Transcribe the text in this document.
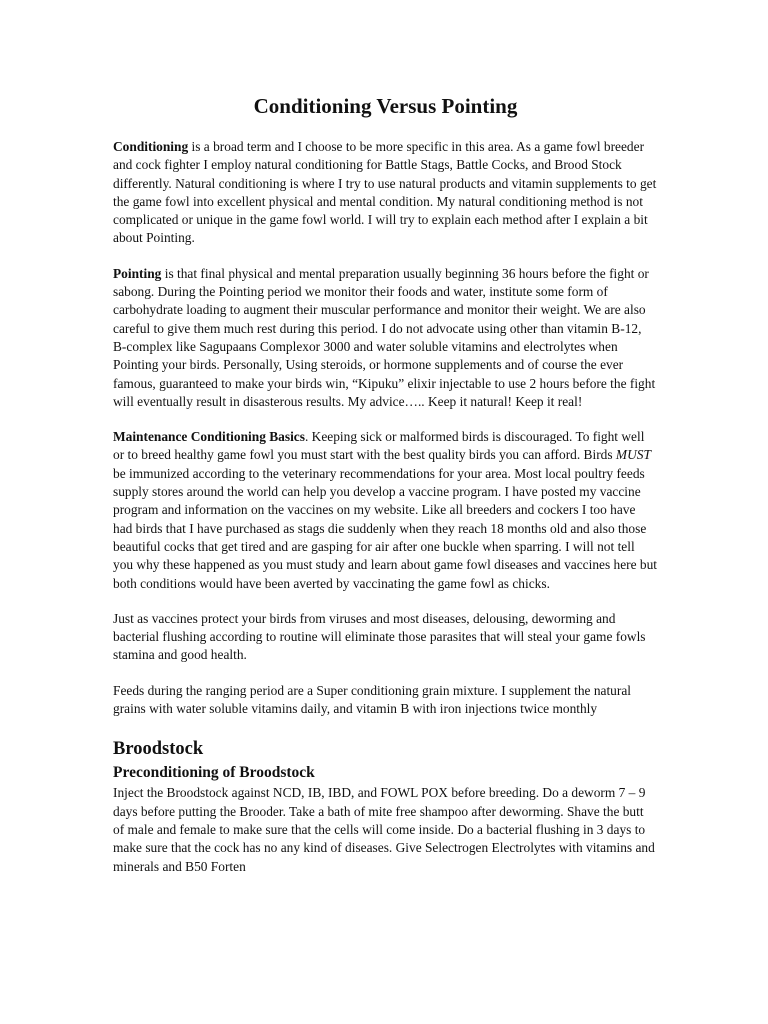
Conditioning Versus Pointing

Conditioning is a broad term and I choose to be more specific in this area. As a game fowl breeder and cock fighter I employ natural conditioning for Battle Stags, Battle Cocks, and Brood Stock differently. Natural conditioning is where I try to use natural products and vitamin supplements to get the game fowl into excellent physical and mental condition. My natural conditioning method is not complicated or unique in the game fowl world. I will try to explain each method after I explain a bit about Pointing.

Pointing is that final physical and mental preparation usually beginning 36 hours before the fight or sabong. During the Pointing period we monitor their foods and water, institute some form of carbohydrate loading to augment their muscular performance and monitor their weight. We are also careful to give them much rest during this period. I do not advocate using other than vitamin B-12, B-complex like Sagupaans Complexor 3000 and water soluble vitamins and electrolytes when Pointing your birds. Personally, Using steroids, or hormone supplements and of course the ever famous, guaranteed to make your birds win, “Kipuku” elixir injectable to use 2 hours before the fight will eventually result in disasterous results. My advice….. Keep it natural! Keep it real!

Maintenance Conditioning Basics. Keeping sick or malformed birds is discouraged. To fight well or to breed healthy game fowl you must start with the best quality birds you can afford. Birds MUST be immunized according to the veterinary recommendations for your area. Most local poultry feeds supply stores around the world can help you develop a vaccine program. I have posted my vaccine program and information on the vaccines on my website. Like all breeders and cockers I too have had birds that I have purchased as stags die suddenly when they reach 18 months old and also those beautiful cocks that get tired and are gasping for air after one buckle when sparring. I will not tell you why these happened as you must study and learn about game fowl diseases and vaccines here but both conditions would have been averted by vaccinating the game fowl as chicks.

Just as vaccines protect your birds from viruses and most diseases, delousing, deworming and bacterial flushing according to routine will eliminate those parasites that will steal your game fowls stamina and good health.

Feeds during the ranging period are a Super conditioning grain mixture. I supplement the natural grains with water soluble vitamins daily, and vitamin B with iron injections twice monthly

Broodstock
Preconditioning of Broodstock

Inject the Broodstock against NCD, IB, IBD, and FOWL POX before breeding. Do a deworm 7 – 9 days before putting the Brooder. Take a bath of mite free shampoo after deworming. Shave the butt of male and female to make sure that the cells will come inside. Do a bacterial flushing in 3 days to make sure that the cock has no any kind of diseases. Give Selectrogen Electrolytes with vitamins and minerals and B50 Forten
